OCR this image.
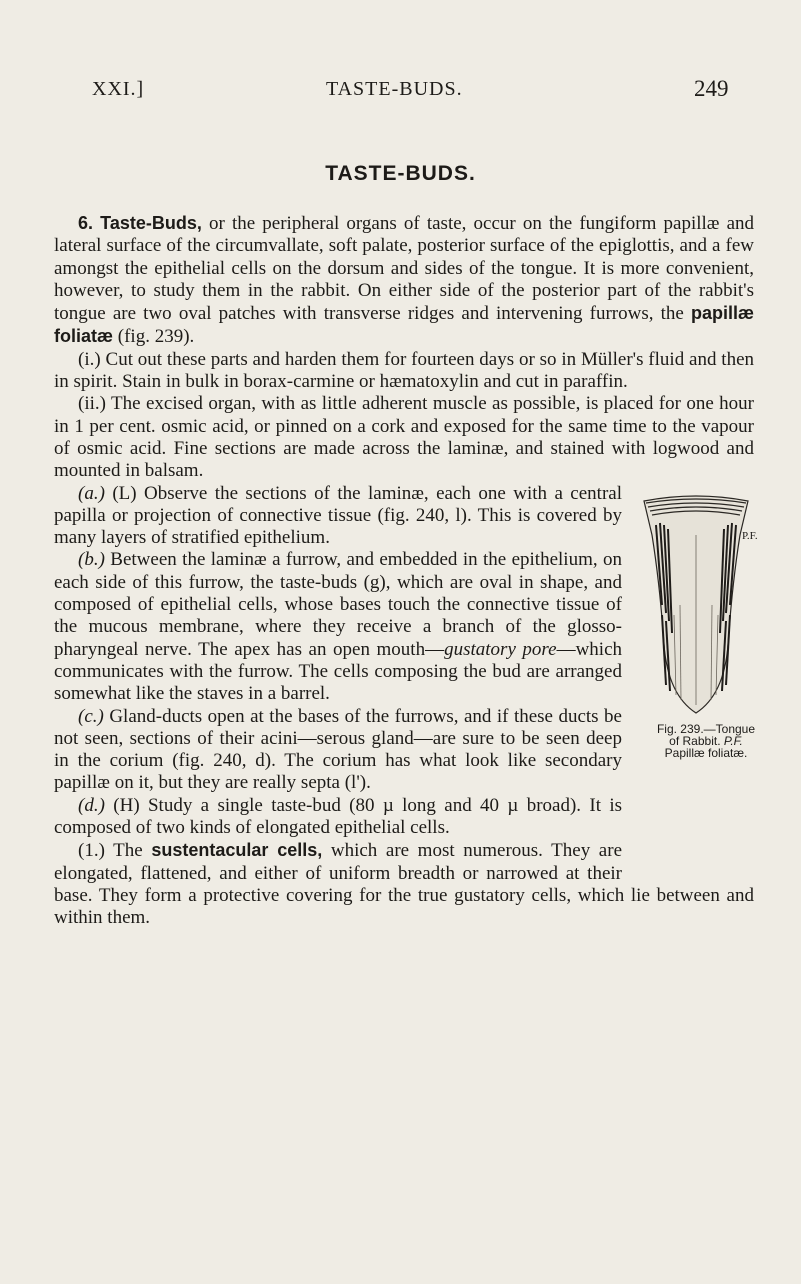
XXI.]	TASTE-BUDS.	249
TASTE-BUDS.

6. Taste-Buds, or the peripheral organs of taste, occur on the fungiform papillæ and lateral surface of the circumvallate, soft palate, posterior surface of the epiglottis, and a few amongst the epithelial cells on the dorsum and sides of the tongue. It is more convenient, however, to study them in the rabbit. On either side of the posterior part of the rabbit's tongue are two oval patches with transverse ridges and intervening furrows, the papillæ foliatæ (fig. 239).

(i.) Cut out these parts and harden them for fourteen days or so in Müller's fluid and then in spirit. Stain in bulk in borax-carmine or hæmatoxylin and cut in paraffin.

(ii.) The excised organ, with as little adherent muscle as possible, is placed for one hour in 1 per cent. osmic acid, or pinned on a cork and exposed for the same time to the vapour of osmic acid. Fine sections are made across the laminæ, and stained with logwood and mounted in balsam.

P.F.
Fig. 239.—Tongue
of Rabbit. P.F.
Papillæ foliatæ.

(a.) (L) Observe the sections of the laminæ, each one with a central papilla or projection of connective tissue (fig. 240, l). This is covered by many layers of stratified epithelium.

(b.) Between the laminæ a furrow, and embedded in the epithelium, on each side of this furrow, the taste-buds (g), which are oval in shape, and composed of epithelial cells, whose bases touch the connective tissue of the mucous membrane, where they receive a branch of the glosso-pharyngeal nerve. The apex has an open mouth—gustatory pore—which communicates with the furrow. The cells composing the bud are arranged somewhat like the staves in a barrel.

(c.) Gland-ducts open at the bases of the furrows, and if these ducts be not seen, sections of their acini—serous gland—are sure to be seen deep in the corium (fig. 240, d). The corium has what look like secondary papillæ on it, but they are really septa (l').

(d.) (H) Study a single taste-bud (80 µ long and 40 µ broad). It is composed of two kinds of elongated epithelial cells.

(1.) The sustentacular cells, which are most numerous. They are elongated, flattened, and either of uniform breadth or narrowed at their base. They form a protective covering for the true gustatory cells, which lie between and within them.
